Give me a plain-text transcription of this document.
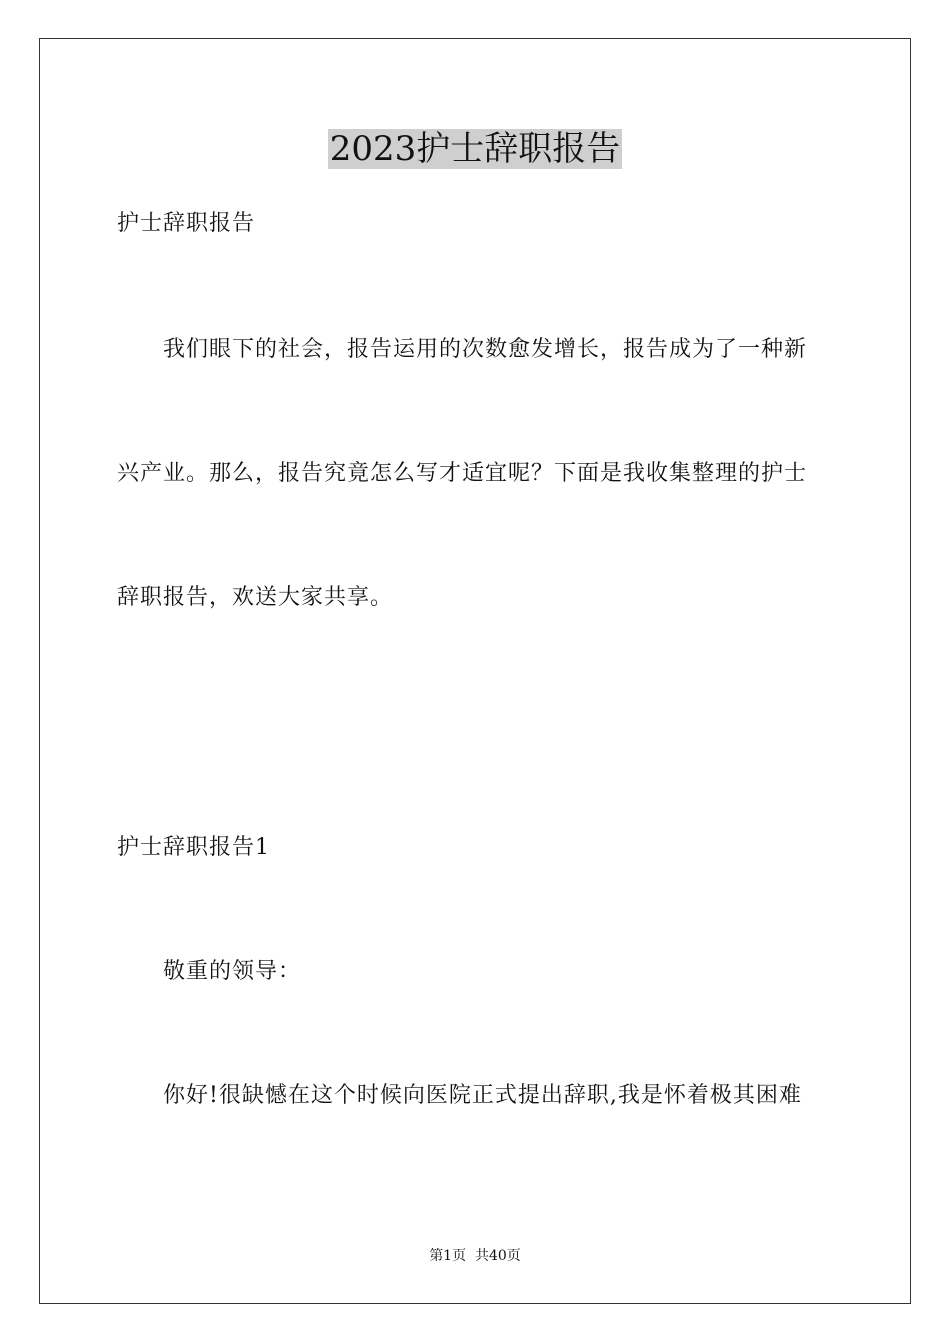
2023护士辞职报告
护士辞职报告
我们眼下的社会，报告运用的次数愈发增长，报告成为了一种新
兴产业。那么，报告究竟怎么写才适宜呢？下面是我收集整理的护士
辞职报告，欢送大家共享。
护士辞职报告1
敬重的领导：
你好!很缺憾在这个时候向医院正式提出辞职,我是怀着极其困难
第1页  共40页
